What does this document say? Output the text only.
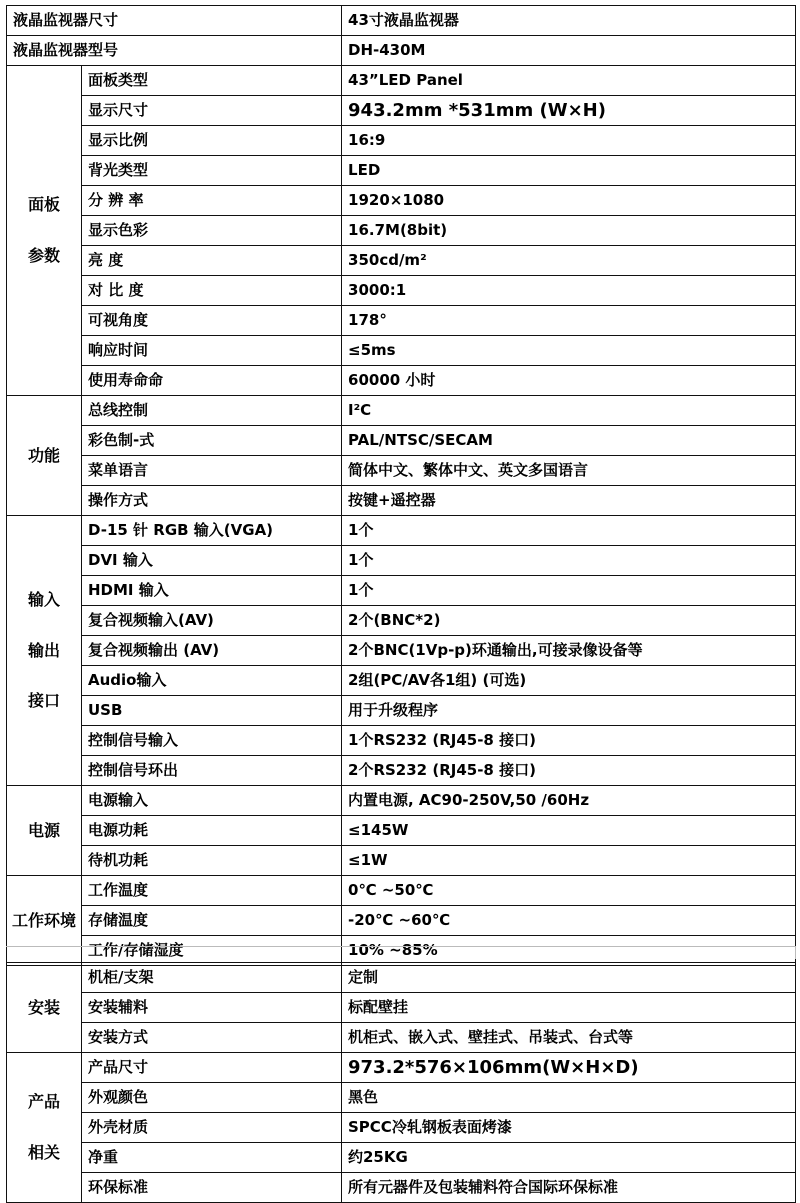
液晶监视器尺寸		43寸液晶监视器
液晶监视器型号		DH-430M

面板
参数	面板类型	43”LED Panel
	显示尺寸	943.2mm *531mm (W×H)
	显示比例	16:9
	背光类型	LED
	分 辨 率	1920×1080
	显示色彩	16.7M(8bit)
	亮 度	350cd/m²
	对 比 度	3000:1
	可视角度	178°
	响应时间	≤5ms
	使用寿命命	60000 小时

功能	总线控制	I²C
	彩色制-式	PAL/NTSC/SECAM
	菜单语言	简体中文、繁体中文、英文多国语言
	操作方式	按键+遥控器

输入
输出
接口	D-15 针 RGB 输入(VGA)	1个
	DVI 输入	1个
	HDMI 输入	1个
	复合视频输入(AV)	2个(BNC*2)
	复合视频输出 (AV)	2个BNC(1Vp-p)环通输出,可接录像设备等
	Audio输入	2组(PC/AV各1组) (可选)
	USB	用于升级程序
	控制信号输入	1个RS232 (RJ45-8 接口)
	控制信号环出	2个RS232 (RJ45-8 接口)

电源	电源输入	内置电源, AC90-250V,50 /60Hz
	电源功耗	≤145W
	待机功耗	≤1W

工作环境	工作温度	0℃ ~50℃
	存储温度	-20℃ ~60℃
	工作/存储湿度	10% ~85%
安装	机柜/支架	定制
	安装辅料	标配壁挂
	安装方式	机柜式、嵌入式、壁挂式、吊装式、台式等

产品
相关	产品尺寸	973.2*576×106mm(W×H×D)
	外观颜色	黑色
	外壳材质	SPCC冷轧钢板表面烤漆
	净重	约25KG
	环保标准	所有元器件及包装辅料符合国际环保标准
